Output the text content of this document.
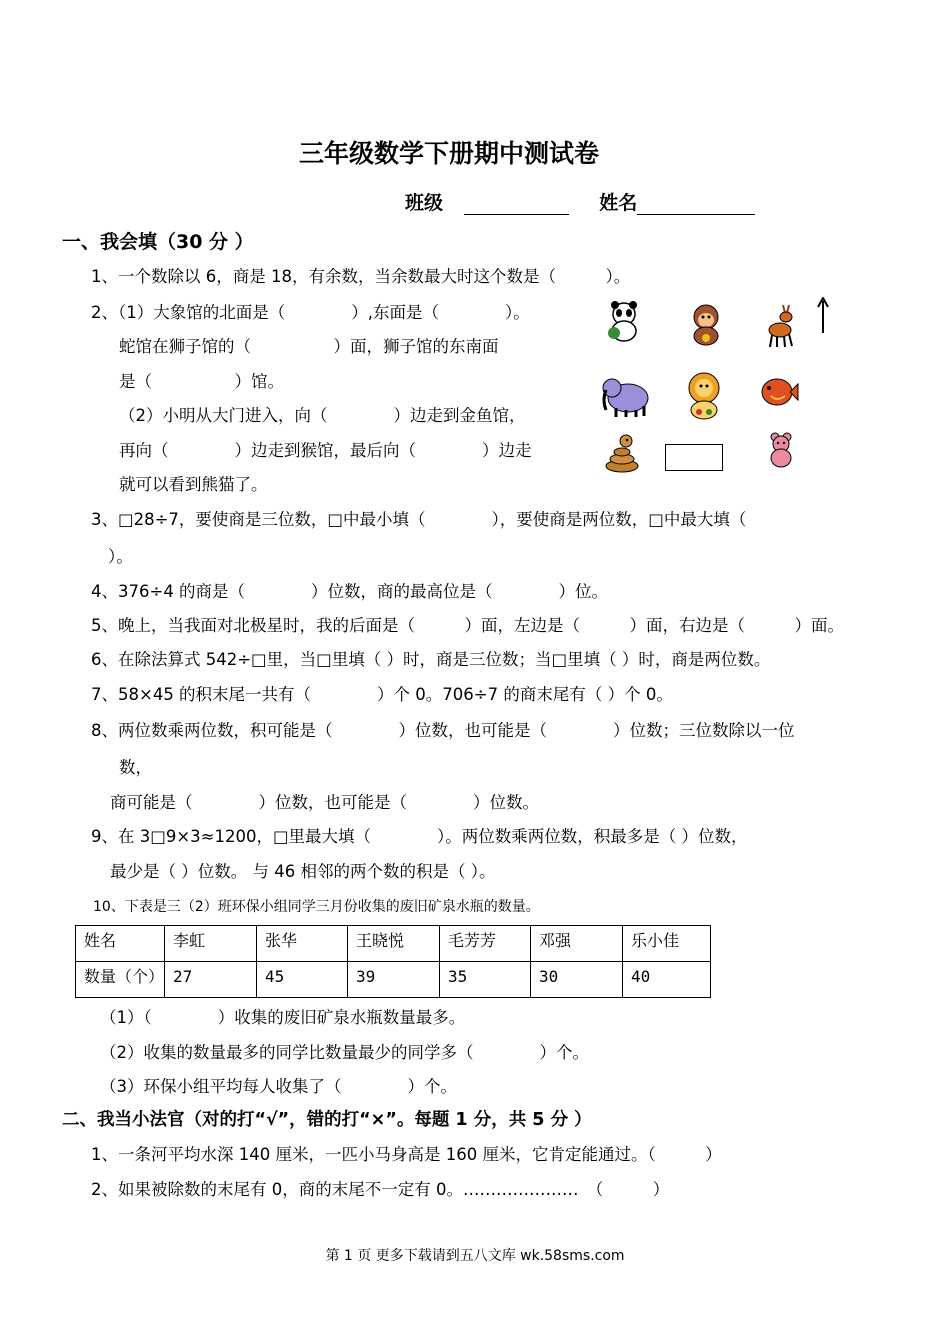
三年级数学下册期中测试卷
班级	姓名
一、我会填（30 分 ）
1、一个数除以 6，商是 18，有余数，当余数最大时这个数是（　　　）。
2、（1）大象馆的北面是（　　　　）,东面是（　　　　）。
蛇馆在狮子馆的（　　　　　）面，狮子馆的东南面
是（　　　　　）馆。
（2）小明从大门进入，向（　　　　）边走到金鱼馆，
再向（　　　　）边走到猴馆，最后向（　　　　）边走
就可以看到熊猫了。
3、□28÷7，要使商是三位数，□中最小填（　　　　），要使商是两位数，□中最大填（
）。
4、376÷4 的商是（　　　　）位数，商的最高位是（　　　　）位。
5、晚上，当我面对北极星时，我的后面是（　　　）面，左边是（　　　）面，右边是（　　　）面。
6、在除法算式 542÷□里，当□里填（ ）时，商是三位数；当□里填（ ）时，商是两位数。
7、58×45 的积末尾一共有（　　　　）个 0。706÷7 的商末尾有（ ）个 0。
8、两位数乘两位数，积可能是（　　　　）位数，也可能是（　　　　）位数；三位数除以一位
数，
商可能是（　　　　）位数，也可能是（　　　　）位数。
9、在 3□9×3≈1200，□里最大填（　　　　）。两位数乘两位数，积最多是（ ）位数，
最少是（ ）位数。 与 46 相邻的两个数的积是（ ）。
10、下表是三（2）班环保小组同学三月份收集的废旧矿泉水瓶的数量。
姓名	李虹	张华	王晓悦	毛芳芳	邓强	乐小佳
数量（个）	27	45	39	35	30	40
（1）（　　　　）收集的废旧矿泉水瓶数量最多。
（2）收集的数量最多的同学比数量最少的同学多（　　　　）个。
（3）环保小组平均每人收集了（　　　　）个。
二、我当小法官（对的打“√”，错的打“×”。每题 1 分，共 5 分 ）
1、一条河平均水深 140 厘米，一匹小马身高是 160 厘米，它肯定能通过。（　　　）
2、如果被除数的末尾有 0，商的末尾不一定有 0。…………………　（　　　）
第 1 页 更多下载请到五八文库 wk.58sms.com
